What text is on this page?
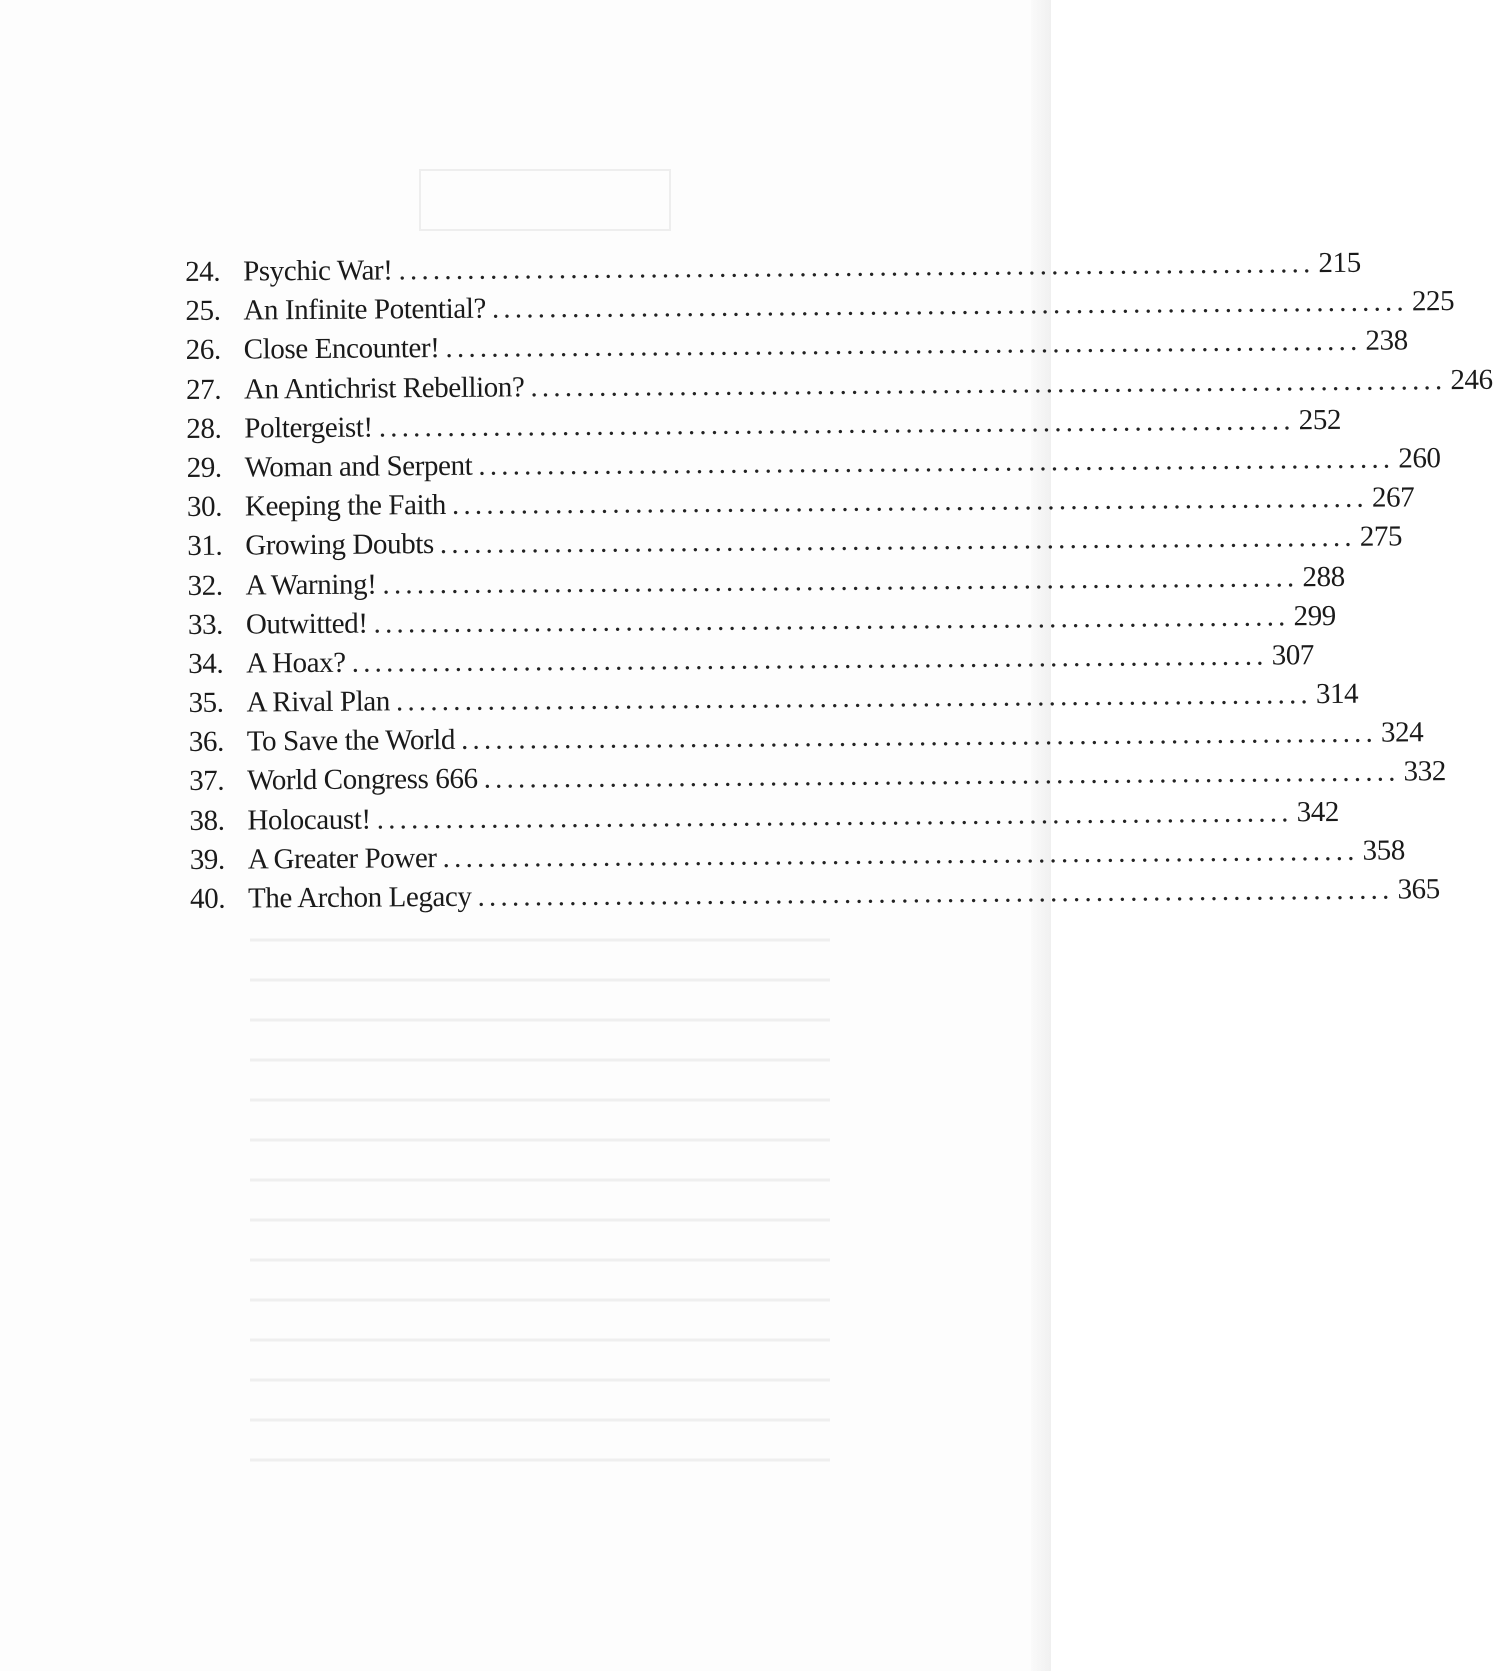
24. Psychic War! ................................................................................ 215
25. An Infinite Potential? ................................................................................ 225
26. Close Encounter! ................................................................................ 238
27. An Antichrist Rebellion? ................................................................................ 246
28. Poltergeist! ................................................................................ 252
29. Woman and Serpent ................................................................................ 260
30. Keeping the Faith ................................................................................ 267
31. Growing Doubts ................................................................................ 275
32. A Warning! ................................................................................ 288
33. Outwitted! ................................................................................ 299
34. A Hoax? ................................................................................ 307
35. A Rival Plan ................................................................................ 314
36. To Save the World ................................................................................ 324
37. World Congress 666 ................................................................................ 332
38. Holocaust! ................................................................................ 342
39. A Greater Power ................................................................................ 358
40. The Archon Legacy ................................................................................ 365
